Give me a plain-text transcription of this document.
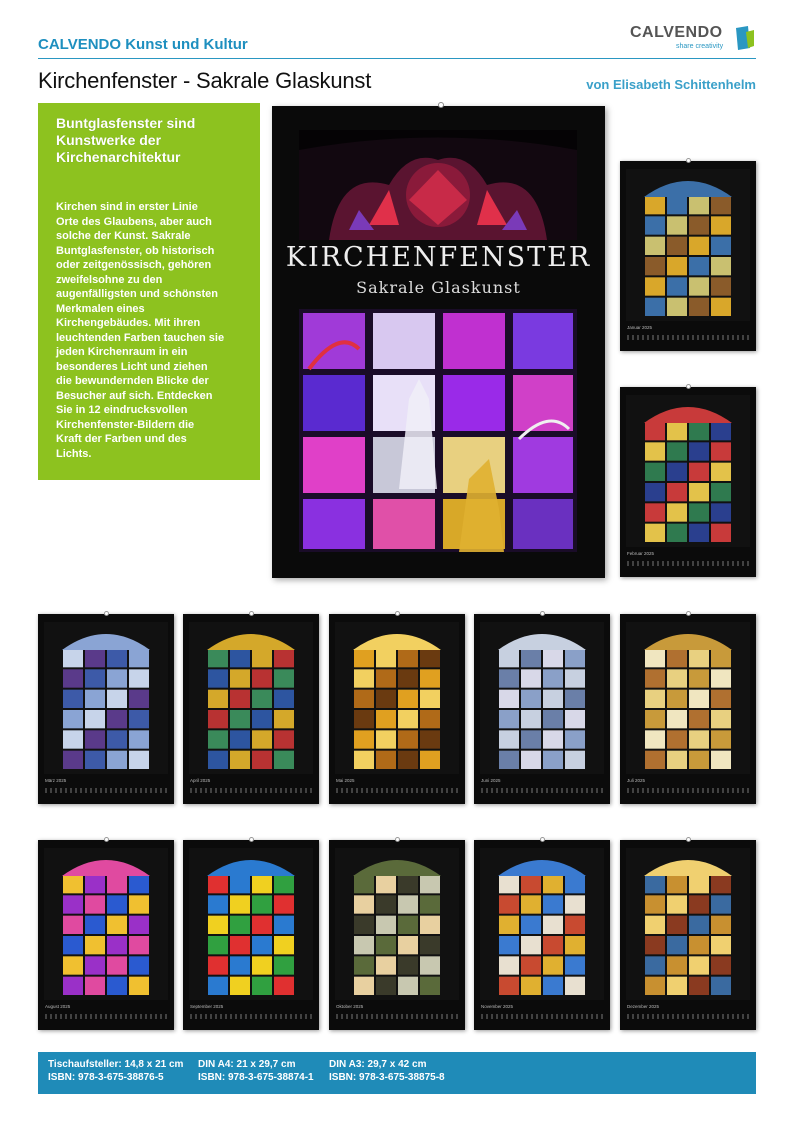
CALVENDO Kunst und Kultur
CALVENDO
share creativity
Kirchenfenster - Sakrale Glaskunst	von Elisabeth Schittenhelm
Buntglasfenster sind
Kunstwerke der
Kirchenarchitektur
Kirchen sind in erster Linie
Orte des Glaubens, aber auch
solche der Kunst. Sakrale
Buntglasfenster, ob historisch
oder zeitgenössisch, gehören
zweifelsohne zu den
augenfälligsten und schönsten
Merkmalen eines
Kirchengebäudes. Mit ihren
leuchtenden Farben tauchen sie
jeden Kirchenraum in ein
besonderes Licht und ziehen
die bewundernden Blicke der
Besucher auf sich. Entdecken
Sie in 12 eindrucksvollen
Kirchenfenster-Bildern die
Kraft der Farben und des
Lichts.
KIRCHENFENSTER
Sakrale Glaskunst
Januar 2025
Februar 2025
März 2025	April 2025	Mai 2025	Juni 2025	Juli 2025
August 2025	September 2025	Oktober 2025	November 2025	Dezember 2025
Tischaufsteller: 14,8 x 21 cm
ISBN: 978-3-675-38876-5
DIN A4: 21 x 29,7 cm
ISBN: 978-3-675-38874-1
DIN A3: 29,7 x 42 cm
ISBN: 978-3-675-38875-8
